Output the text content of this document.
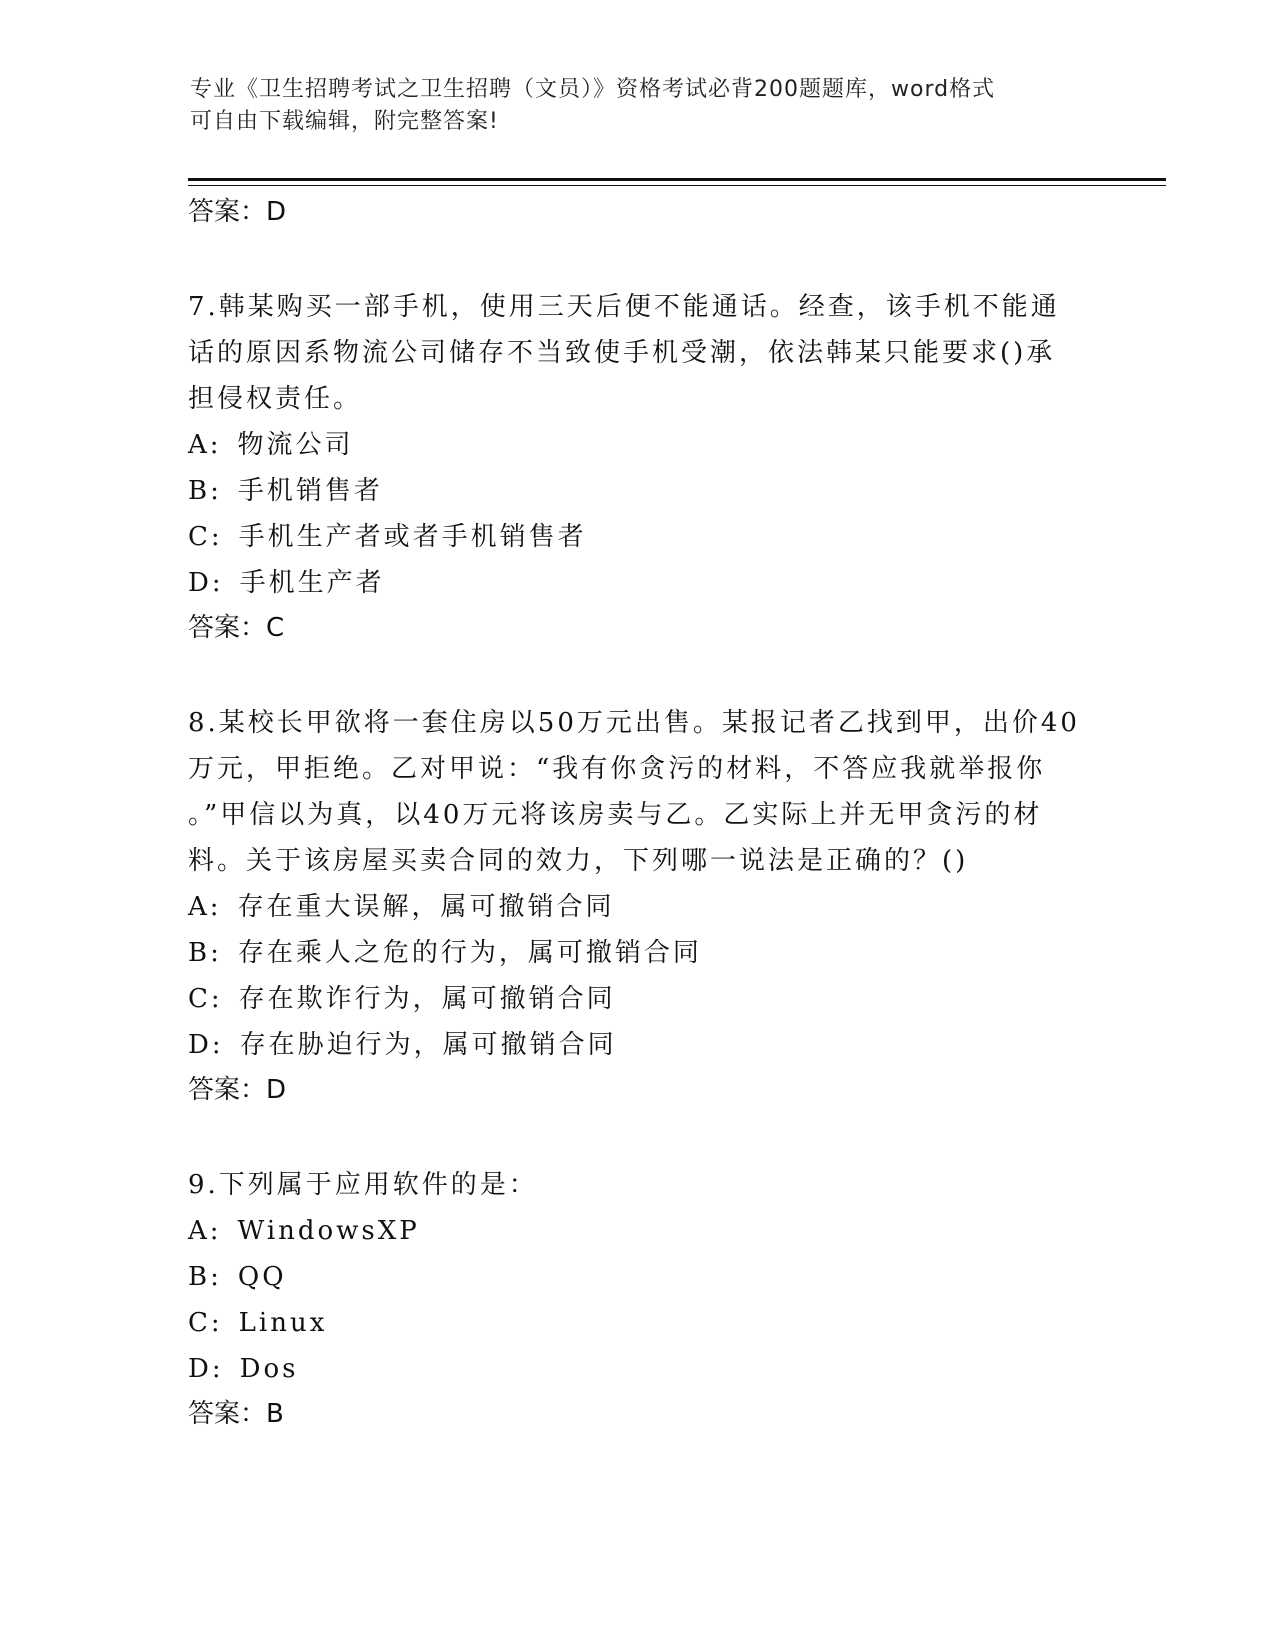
专业《卫生招聘考试之卫生招聘（文员）》资格考试必背200题题库，word格式
可自由下载编辑，附完整答案!

答案：D

7.韩某购买一部手机，使用三天后便不能通话。经查，该手机不能通

话的原因系物流公司储存不当致使手机受潮，依法韩某只能要求()承

担侵权责任。

A: 物流公司

B: 手机销售者

C: 手机生产者或者手机销售者

D: 手机生产者

答案：C

8.某校长甲欲将一套住房以50万元出售。某报记者乙找到甲，出价40

万元，甲拒绝。乙对甲说：“我有你贪污的材料，不答应我就举报你

。”甲信以为真，以40万元将该房卖与乙。乙实际上并无甲贪污的材

料。关于该房屋买卖合同的效力，下列哪一说法是正确的？()

A: 存在重大误解，属可撤销合同

B: 存在乘人之危的行为，属可撤销合同

C: 存在欺诈行为，属可撤销合同

D: 存在胁迫行为，属可撤销合同

答案：D

9.下列属于应用软件的是：

A: WindowsXP

B: QQ

C: Linux

D: Dos

答案：B
